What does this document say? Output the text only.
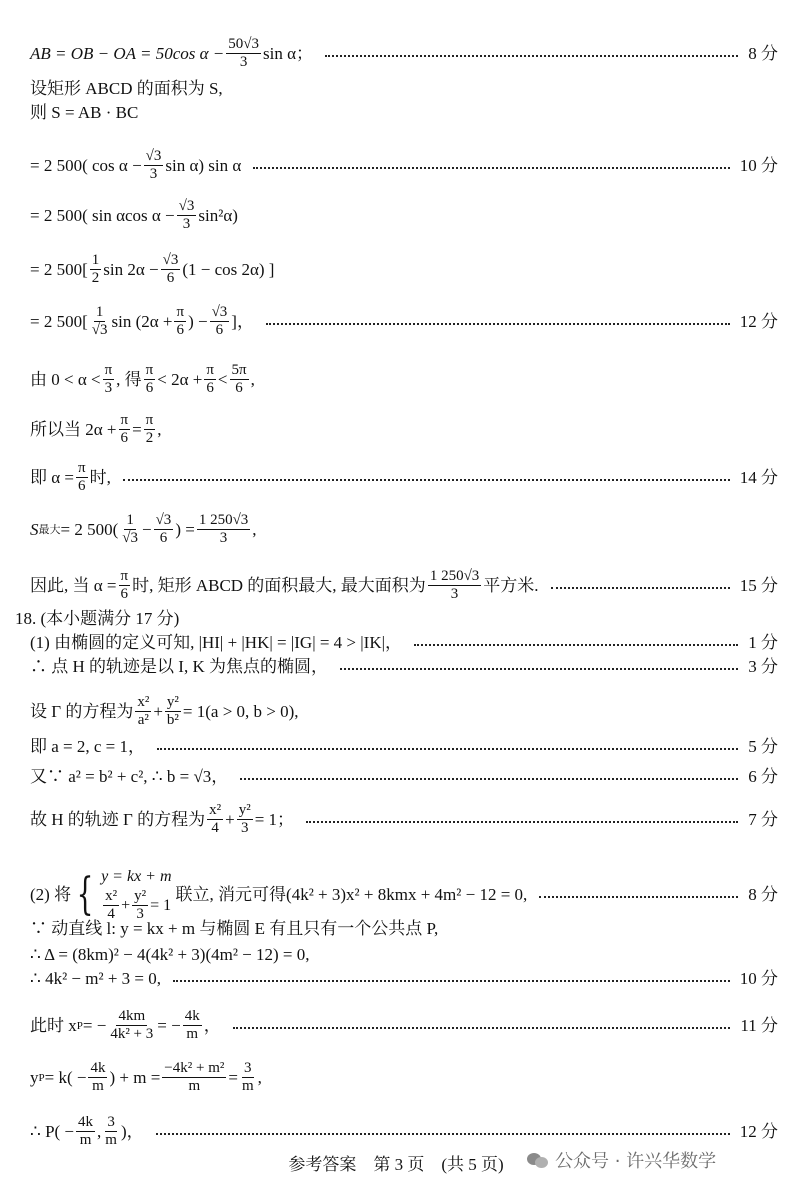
AB = OB − OA = 50cos $\alpha - \frac{50√3}{3}$ sin α；	8 分
设矩形 ABCD 的面积为 S,
则 S = AB · BC
= 2 500( $\cos \alpha - \frac{√3}{3}$ sin α) sin α	10 分
= 2 500( sin αcos $\alpha - \frac{√3}{3} \sin^2\alpha$)
= 2 $500[ \frac{1}{2}$ $\sin 2\alpha - \frac{√3}{6} (1 - \cos 2\alpha)$ ]
= 2 $500[ \frac{1}{√3}$ $\sin (2\alpha + \frac{\pi}{6}$ ) − $\frac{√3}{6}$ ]，	12 分
由 $0 < \alpha < \frac{\pi}{3}$ , 得 $\frac{\pi}{6} < 2\alpha + \frac{\pi}{6} < \frac{5\pi}{6}$ ,
所以当 $2\alpha + \frac{\pi}{6} = \frac{\pi}{2}$ ,
即 $\alpha = \frac{\pi}{6}$ 时,	14 分
S 最大 = 2 $500( \frac{1}{√3} - \frac{√3}{6}$ ) = $\frac{1 250√3}{3}$ ,
因此, 当 $\alpha = \frac{\pi}{6}$ 时, 矩形 ABCD 的面积最大, 最大面积为 $\frac{1 250√3}{3}$ 平方米.	15 分
18. (本小题满分 17 分)
(1) 由椭圆的定义可知, |HI| + |HK| = |IG| = 4 > |IK|，	1 分
∴ 点 H 的轨迹是以 I, K 为焦点的椭圆，	3 分
设 Γ 的方程为 $\frac{\text{x²}}{\text{a²}} + \frac{\text{y²}}{\text{b²}} = 1(a > 0$, b > 0),
即 a = 2, c = 1，	5 分
又∵ a² = b² + c², ∴ b = √3，	6 分
故 H 的轨迹 Γ 的方程为 $\frac{\text{x²}}{4} + \frac{\text{y²}}{3} = 1$；	7 分
(2) 将 { y = kx + m
$\frac{\text{x²}}{4} + \frac{\text{y²}}{3} = 1$
联立, 消元可得(4k² + 3)x² + 8kmx + 4m² − 12 = 0,	8 分
∵ 动直线 l: y = kx + m 与椭圆 E 有且只有一个公共点 P,
∴ Δ = (8km)² − 4(4k² + 3)(4m² − 12) = 0,
∴ 4k² − m² + 3 = 0,	10 分
此时 x P = − $\frac{4km}{\text{4k² + 3}}$ = − $\frac{4k}{m}$ ，	11 分
y $P = k( - \frac{4k}{m}$ ) + $m = \frac{\text{−4k² + m²}}{m} = \frac{3}{m}$ ,
∴ $P( - \frac{4k}{m}$ , $\frac{3}{m}$ )，	12 分
参考答案　第 3 页　(共 5 页)	公众号 · 许兴华数学
